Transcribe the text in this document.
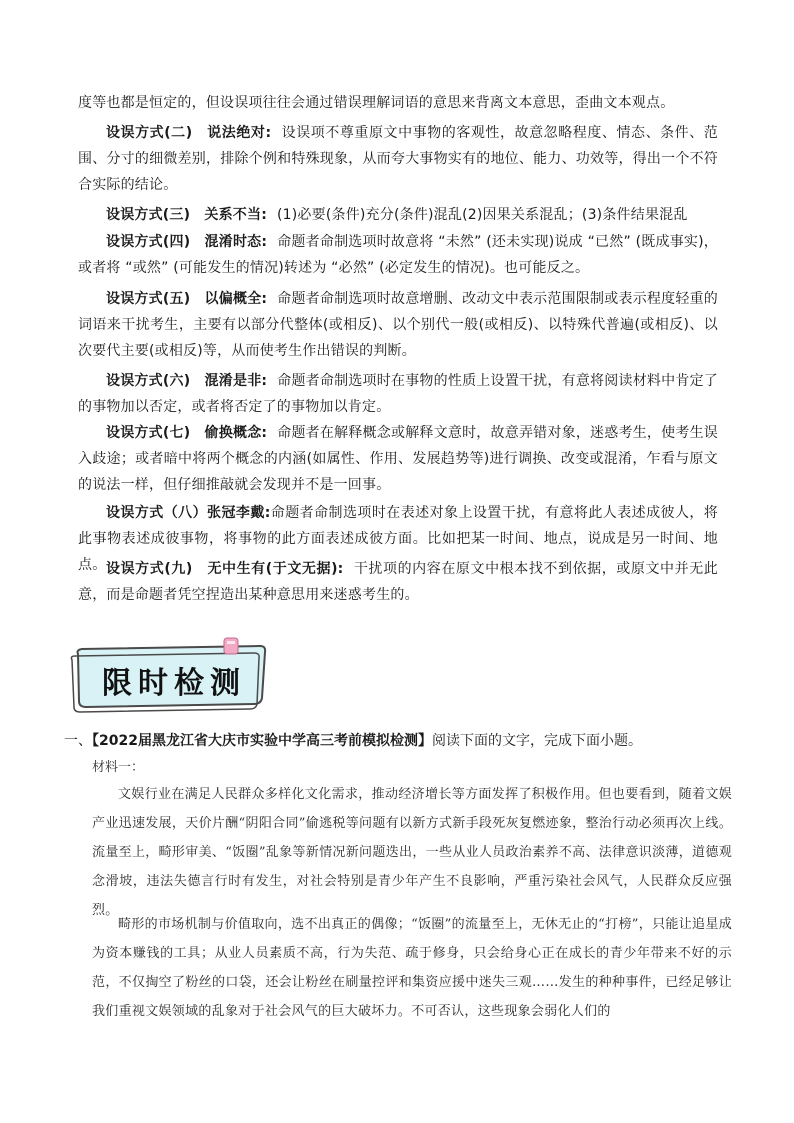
度等也都是恒定的，但设误项往往会通过错误理解词语的意思来背离文本意思，歪曲文本观点。
设误方式(二)　说法绝对: 设误项不尊重原文中事物的客观性，故意忽略程度、情态、条件、范围、分寸的细微差别，排除个例和特殊现象，从而夸大事物实有的地位、能力、功效等，得出一个不符合实际的结论。
设误方式(三)　关系不当: (1)必要(条件)充分(条件)混乱(2)因果关系混乱；(3)条件结果混乱
设误方式(四)　混淆时态: 命题者命制选项时故意将 “未然” (还未实现)说成 “已然” (既成事实)，或者将 “或然” (可能发生的情况)转述为 “必然” (必定发生的情况)。也可能反之。
设误方式(五)　以偏概全: 命题者命制选项时故意增删、改动文中表示范围限制或表示程度轻重的词语来干扰考生，主要有以部分代整体(或相反)、以个别代一般(或相反)、以特殊代普遍(或相反)、以次要代主要(或相反)等，从而使考生作出错误的判断。
设误方式(六)　混淆是非: 命题者命制选项时在事物的性质上设置干扰，有意将阅读材料中肯定了的事物加以否定，或者将否定了的事物加以肯定。
设误方式(七)　偷换概念: 命题者在解释概念或解释文意时，故意弄错对象，迷惑考生，使考生误入歧途；或者暗中将两个概念的内涵(如属性、作用、发展趋势等)进行调换、改变或混淆，乍看与原文的说法一样，但仔细推敲就会发现并不是一回事。
设误方式（八）张冠李戴:命题者命制选项时在表述对象上设置干扰，有意将此人表述成彼人，将此事物表述成彼事物，将事物的此方面表述成彼方面。比如把某一时间、地点，说成是另一时间、地点。 设误方式(九)　无中生有(于文无据): 干扰项的内容在原文中根本找不到依据，或原文中并无此意，而是命题者凭空捏造出某种意思用来迷惑考生的。
限时检测
一、【2022届黑龙江省大庆市实验中学高三考前模拟检测】阅读下面的文字，完成下面小题。
材料一：
文娱行业在满足人民群众多样化文化需求，推动经济增长等方面发挥了积极作用。但也要看到，随着文娱产业迅速发展，天价片酬“阴阳合同”偷逃税等问题有以新方式新手段死灰复燃迹象，整治行动必须再次上线。流量至上，畸形审美、“饭圈”乱象等新情况新问题迭出，一些从业人员政治素养不高、法律意识淡薄，道德观念滑坡，违法失德言行时有发生，对社会特别是青少年产生不良影响，严重污染社会风气，人民群众反应强烈。
畸形的市场机制与价值取向，选不出真正的偶像；“饭圈”的流量至上，无休无止的“打榜”，只能让追星成为资本赚钱的工具；从业人员素质不高，行为失范、疏于修身，只会给身心正在成长的青少年带来不好的示范，不仅掏空了粉丝的口袋，还会让粉丝在刷量控评和集资应援中迷失三观……发生的种种事件，已经足够让我们重视文娱领域的乱象对于社会风气的巨大破坏力。不可否认，这些现象会弱化人们的
